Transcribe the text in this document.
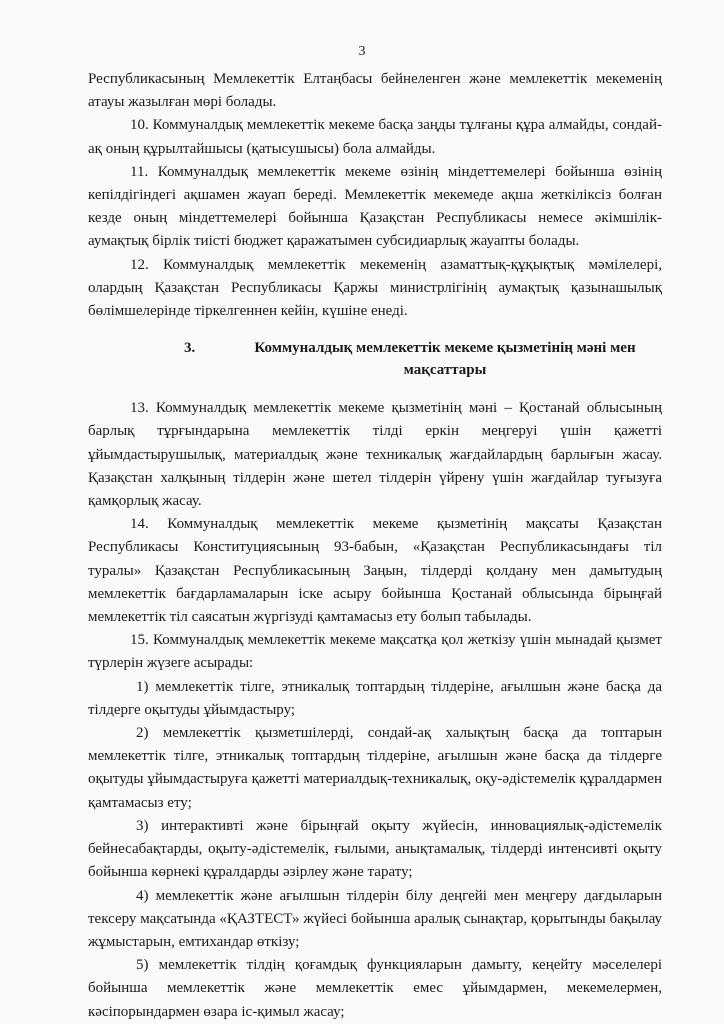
3

Республикасының Мемлекеттік Елтаңбасы бейнеленген және мемлекеттік мекеменің атауы жазылған мөрі болады.

10. Коммуналдық мемлекеттік мекеме басқа заңды тұлғаны құра алмайды, сондай-ақ оның құрылтайшысы (қатысушысы) бола алмайды.

11. Коммуналдық мемлекеттік мекеме өзінің міндеттемелері бойынша өзінің кепілдігіндегі ақшамен жауап береді. Мемлекеттік мекемеде ақша жеткіліксіз болған кезде оның міндеттемелері бойынша Қазақстан Республикасы немесе әкімшілік-аумақтық бірлік тиісті бюджет қаражатымен субсидиарлық жауапты болады.

12. Коммуналдық мемлекеттік мекеменің азаматтық-құқықтық мәмілелері, олардың Қазақстан Республикасы Қаржы министрлігінің аумақтық қазынашылық бөлімшелерінде тіркелгеннен кейін, күшіне енеді.

3.	Коммуналдық мемлекеттік мекеме қызметінің мәні мен мақсаттары

13. Коммуналдық мемлекеттік мекеме қызметінің мәні – Қостанай облысының барлық тұрғындарына мемлекеттік тілді еркін меңгеруі үшін қажетті ұйымдастырушылық, материалдық және техникалық жағдайлардың барлығын жасау. Қазақстан халқының тілдерін және шетел тілдерін үйрену үшін жағдайлар туғызуға қамқорлық жасау.

14. Коммуналдық мемлекеттік мекеме қызметінің мақсаты Қазақстан Республикасы Конституциясының 93-бабын, «Қазақстан Республикасындағы тіл туралы» Қазақстан Республикасының Заңын, тілдерді қолдану мен дамытудың мемлекеттік бағдарламаларын іске асыру бойынша Қостанай облысында бірыңғай мемлекеттік тіл саясатын жүргізуді қамтамасыз ету болып табылады.

15. Коммуналдық мемлекеттік мекеме мақсатқа қол жеткізу үшін мынадай қызмет түрлерін жүзеге асырады:

1) мемлекеттік тілге, этникалық топтардың тілдеріне, ағылшын және басқа да тілдерге оқытуды ұйымдастыру;

2) мемлекеттік қызметшілерді, сондай-ақ халықтың басқа да топтарын мемлекеттік тілге, этникалық топтардың тілдеріне, ағылшын және басқа да тілдерге оқытуды ұйымдастыруға қажетті материалдық-техникалық, оқу-әдістемелік құралдармен қамтамасыз ету;

3) интерактивті және бірыңғай оқыту жүйесін, инновациялық-әдістемелік бейнесабақтарды, оқыту-әдістемелік, ғылыми, анықтамалық, тілдерді интенсивті оқыту бойынша көрнекі құралдарды әзірлеу және тарату;

4) мемлекеттік және ағылшын тілдерін білу деңгейі мен меңгеру дағдыларын тексеру мақсатында «ҚАЗТЕСТ» жүйесі бойынша аралық сынақтар, қорытынды бақылау жұмыстарын, емтихандар өткізу;

5) мемлекеттік тілдің қоғамдық функцияларын дамыту, кеңейту мәселелері бойынша мемлекеттік және мемлекеттік емес ұйымдармен, мекемелермен, кәсіпорындармен өзара іс-қимыл жасау;
